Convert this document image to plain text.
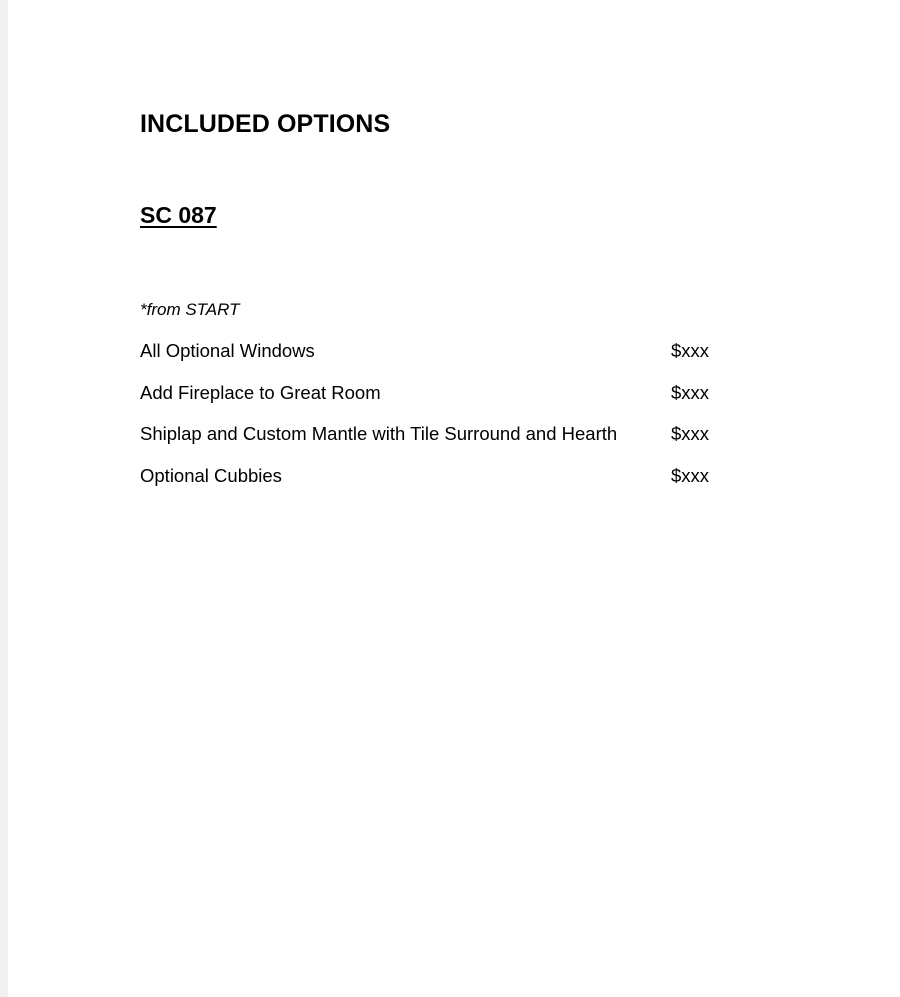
INCLUDED OPTIONS
SC 087
*from START
All Optional Windows	$xxx
Add Fireplace to Great Room	$xxx
Shiplap and Custom Mantle with Tile Surround and Hearth	$xxx
Optional Cubbies	$xxx
